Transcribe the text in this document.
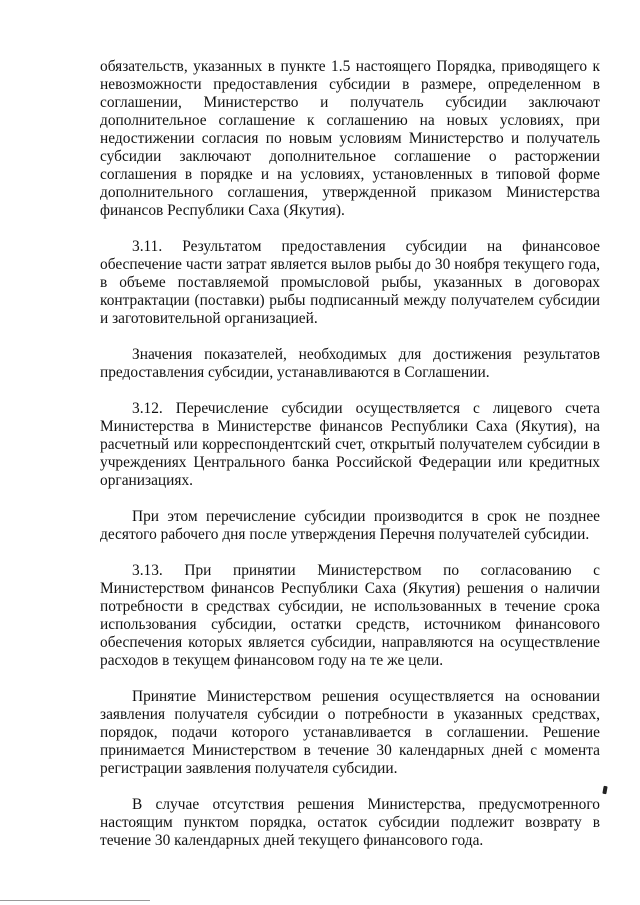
обязательств, указанных в пункте 1.5 настоящего Порядка, приводящего к невозможности предоставления субсидии в размере, определенном в соглашении, Министерство и получатель субсидии заключают дополнительное соглашение к соглашению на новых условиях, при недостижении согласия по новым условиям Министерство и получатель субсидии заключают дополнительное соглашение о расторжении соглашения в порядке и на условиях, установленных в типовой форме дополнительного соглашения, утвержденной приказом Министерства финансов Республики Саха (Якутия).

3.11. Результатом предоставления субсидии на финансовое обеспечение части затрат является вылов рыбы до 30 ноября текущего года, в объеме поставляемой промысловой рыбы, указанных в договорах контрактации (поставки) рыбы подписанный между получателем субсидии и заготовительной организацией.

Значения показателей, необходимых для достижения результатов предоставления субсидии, устанавливаются в Соглашении.

3.12. Перечисление субсидии осуществляется с лицевого счета Министерства в Министерстве финансов Республики Саха (Якутия), на расчетный или корреспондентский счет, открытый получателем субсидии в учреждениях Центрального банка Российской Федерации или кредитных организациях.

При этом перечисление субсидии производится в срок не позднее десятого рабочего дня после утверждения Перечня получателей субсидии.

3.13. При принятии Министерством по согласованию с Министерством финансов Республики Саха (Якутия) решения о наличии потребности в средствах субсидии, не использованных в течение срока использования субсидии, остатки средств, источником финансового обеспечения которых является субсидии, направляются на осуществление расходов в текущем финансовом году на те же цели.

Принятие Министерством решения осуществляется на основании заявления получателя субсидии о потребности в указанных средствах, порядок, подачи которого устанавливается в соглашении. Решение принимается Министерством в течение 30 календарных дней с момента регистрации заявления получателя субсидии.

В случае отсутствия решения Министерства, предусмотренного настоящим пунктом порядка, остаток субсидии подлежит возврату в течение 30 календарных дней текущего финансового года.
